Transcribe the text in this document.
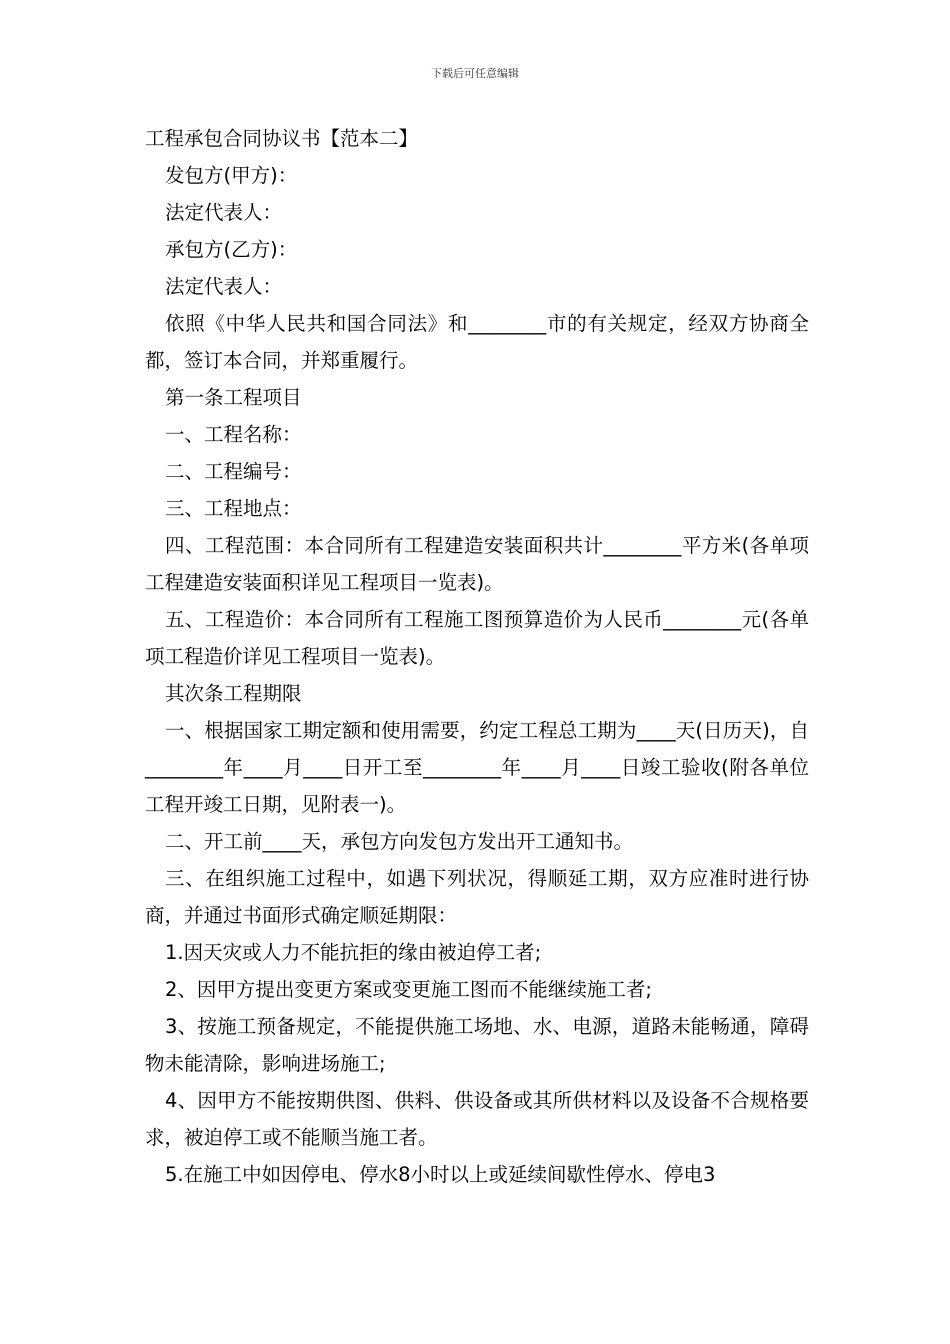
下载后可任意编辑
工程承包合同协议书【范本二】

发包方(甲方)：

法定代表人：

承包方(乙方)：

法定代表人：

依照《中华人民共和国合同法》和________市的有关规定，经双方协商全都，签订本合同，并郑重履行。

第一条工程项目

一、工程名称：

二、工程编号：

三、工程地点：

四、工程范围：本合同所有工程建造安装面积共计________平方米(各单项工程建造安装面积详见工程项目一览表)。

五、工程造价：本合同所有工程施工图预算造价为人民币________元(各单项工程造价详见工程项目一览表)。

其次条工程期限

一、根据国家工期定额和使用需要，约定工程总工期为____天(日历天)，自________年____月____日开工至________年____月____日竣工验收(附各单位工程开竣工日期，见附表一)。

二、开工前____天，承包方向发包方发出开工通知书。

三、在组织施工过程中，如遇下列状况，得顺延工期，双方应准时进行协商，并通过书面形式确定顺延期限：

1.因天灾或人力不能抗拒的缘由被迫停工者;

2、因甲方提出变更方案或变更施工图而不能继续施工者;

3、按施工预备规定，不能提供施工场地、水、电源，道路未能畅通，障碍物未能清除，影响进场施工;

4、因甲方不能按期供图、供料、供设备或其所供材料以及设备不合规格要求，被迫停工或不能顺当施工者。

5.在施工中如因停电、停水8小时以上或延续间歇性停水、停电3
